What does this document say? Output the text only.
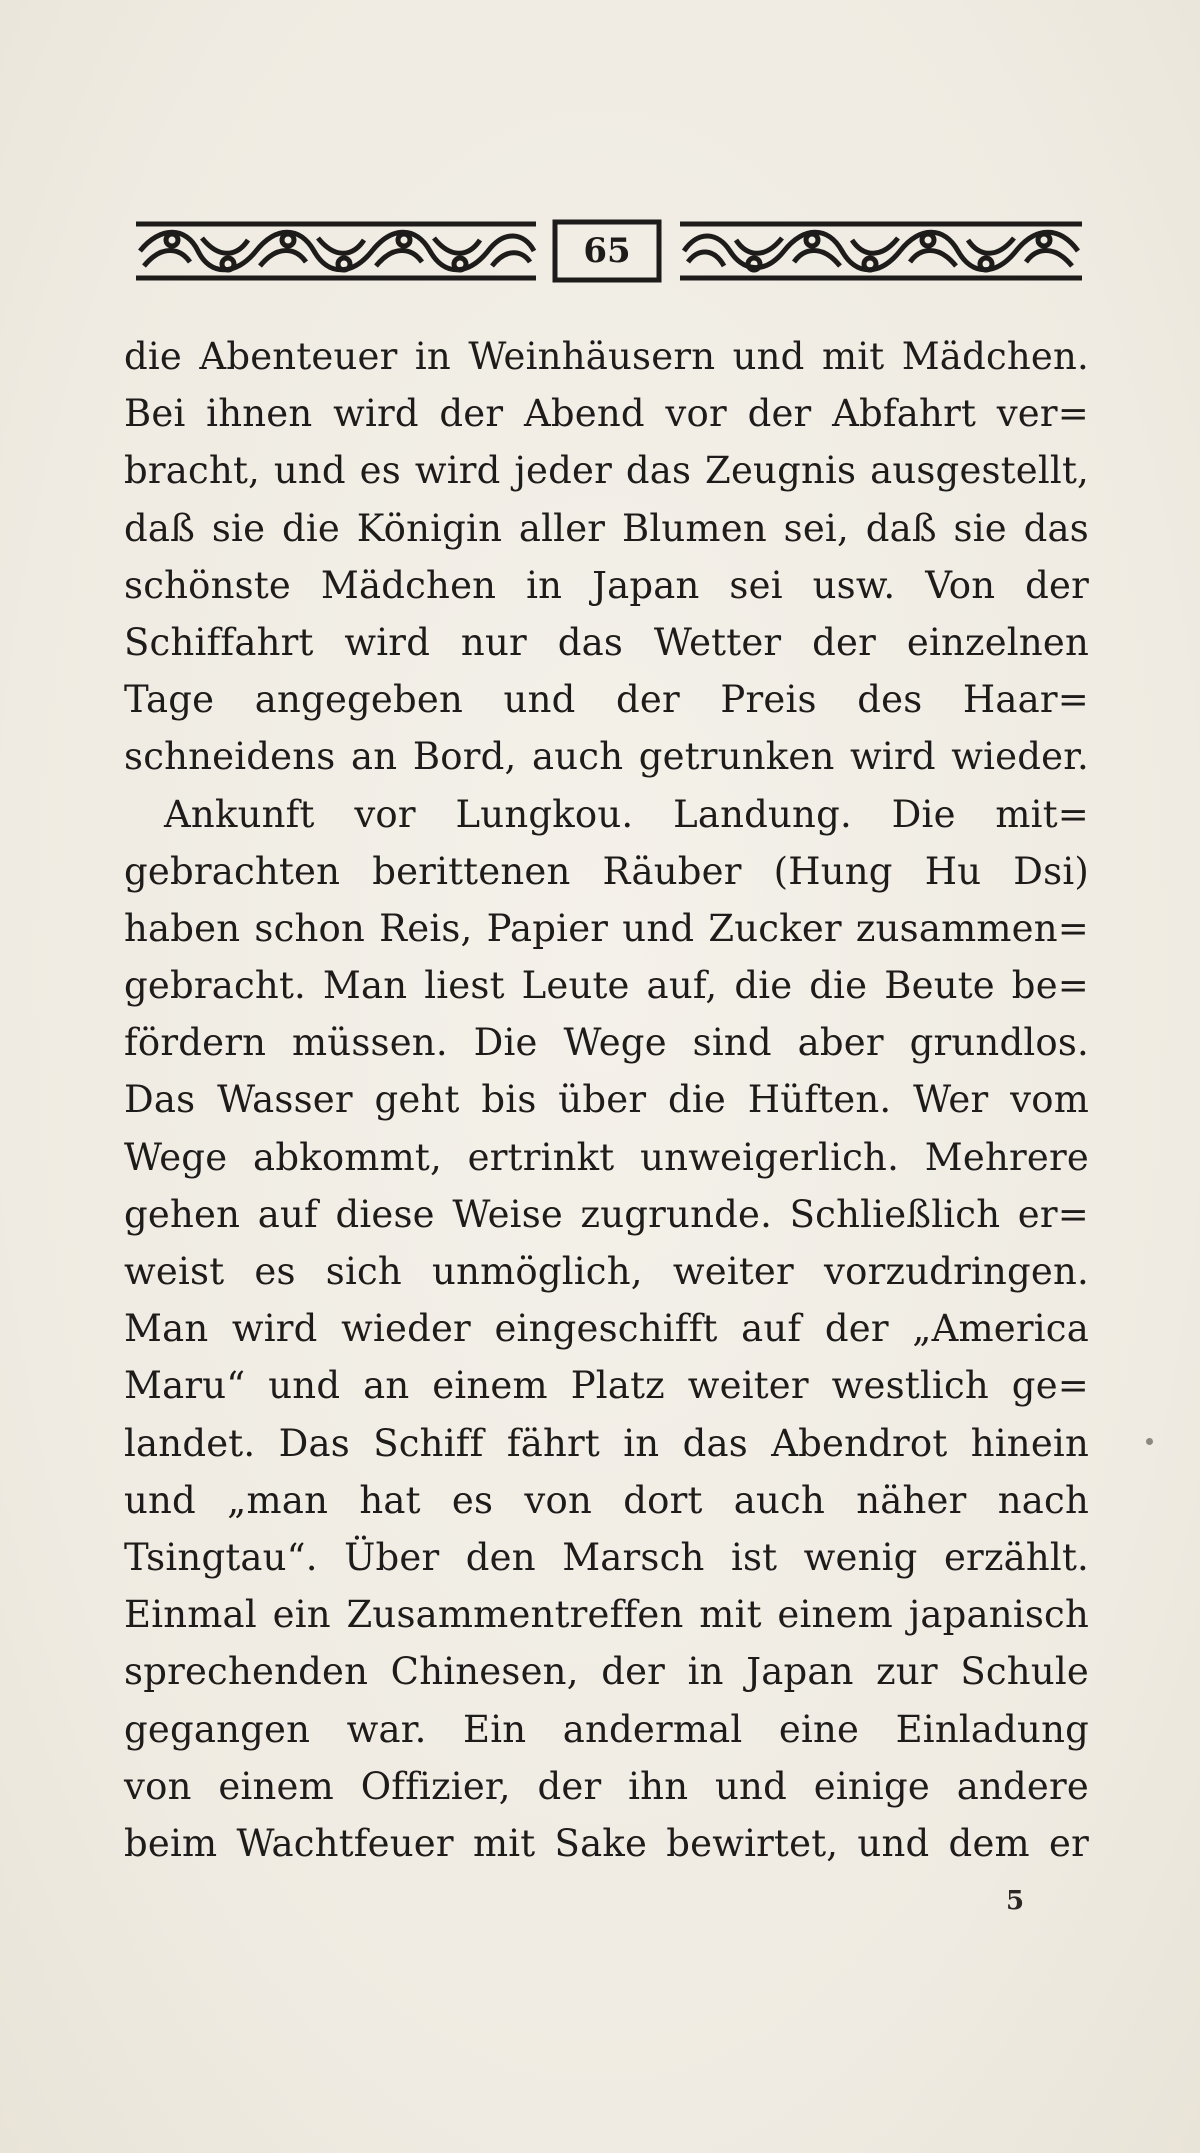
65
die Abenteuer in Weinhäusern und mit Mädchen.
Bei ihnen wird der Abend vor der Abfahrt ver=
bracht, und es wird jeder das Zeugnis ausgestellt,
daß sie die Königin aller Blumen sei, daß sie das
schönste Mädchen in Japan sei usw. Von der
Schiffahrt wird nur das Wetter der einzelnen
Tage angegeben und der Preis des Haar=
schneidens an Bord, auch getrunken wird wieder.
Ankunft vor Lungkou. Landung. Die mit=
gebrachten berittenen Räuber (Hung Hu Dsi)
haben schon Reis, Papier und Zucker zusammen=
gebracht. Man liest Leute auf, die die Beute be=
fördern müssen. Die Wege sind aber grundlos.
Das Wasser geht bis über die Hüften. Wer vom
Wege abkommt, ertrinkt unweigerlich. Mehrere
gehen auf diese Weise zugrunde. Schließlich er=
weist es sich unmöglich, weiter vorzudringen.
Man wird wieder eingeschifft auf der „America
Maru“ und an einem Platz weiter westlich ge=
landet. Das Schiff fährt in das Abendrot hinein
und „man hat es von dort auch näher nach
Tsingtau“. Über den Marsch ist wenig erzählt.
Einmal ein Zusammentreffen mit einem japanisch
sprechenden Chinesen, der in Japan zur Schule
gegangen war. Ein andermal eine Einladung
von einem Offizier, der ihn und einige andere
beim Wachtfeuer mit Sake bewirtet, und dem er
5
